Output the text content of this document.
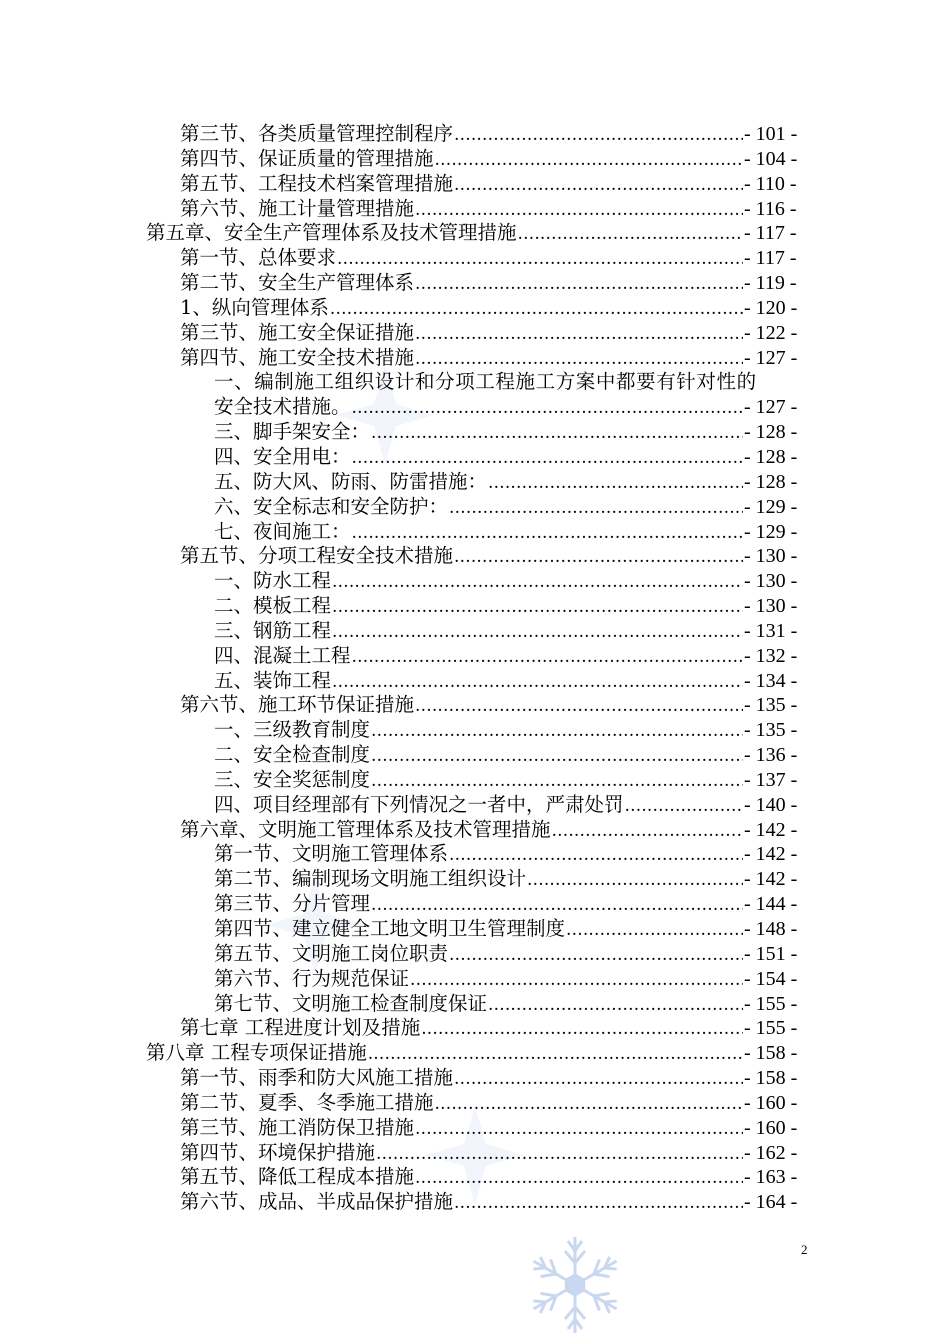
第三节、各类质量管理控制程序 .....	- 101 -
第四节、保证质量的管理措施 .....	- 104 -
第五节、工程技术档案管理措施 .....	- 110 -
第六节、施工计量管理措施 .....	- 116 -
第五章、安全生产管理体系及技术管理措施 .....	- 117 -
第一节、总体要求 .....	- 117 -
第二节、安全生产管理体系 .....	- 119 -
1、纵向管理体系 .....	- 120 -
第三节、施工安全保证措施 .....	- 122 -
第四节、施工安全技术措施 .....	- 127 -
一、编制施工组织设计和分项工程施工方案中都要有针对性的
安全技术措施。 .....	- 127 -
三、脚手架安全： .....	- 128 -
四、安全用电： .....	- 128 -
五、防大风、防雨、防雷措施： .....	- 128 -
六、安全标志和安全防护： .....	- 129 -
七、夜间施工： .....	- 129 -
第五节、分项工程安全技术措施 .....	- 130 -
一、防水工程 .....	- 130 -
二、模板工程 .....	- 130 -
三、钢筋工程 .....	- 131 -
四、混凝土工程 .....	- 132 -
五、装饰工程 .....	- 134 -
第六节、施工环节保证措施 .....	- 135 -
一、三级教育制度 .....	- 135 -
二、安全检查制度 .....	- 136 -
三、安全奖惩制度 .....	- 137 -
四、项目经理部有下列情况之一者中，严肃处罚 .....	- 140 -
第六章、文明施工管理体系及技术管理措施 .....	- 142 -
第一节、文明施工管理体系 .....	- 142 -
第二节、编制现场文明施工组织设计 .....	- 142 -
第三节、分片管理 .....	- 144 -
第四节、建立健全工地文明卫生管理制度 .....	- 148 -
第五节、文明施工岗位职责 .....	- 151 -
第六节、行为规范保证 .....	- 154 -
第七节、文明施工检查制度保证 .....	- 155 -
第七章 工程进度计划及措施 .....	- 155 -
第八章 工程专项保证措施 .....	- 158 -
第一节、雨季和防大风施工措施 .....	- 158 -
第二节、夏季、冬季施工措施 .....	- 160 -
第三节、施工消防保卫措施 .....	- 160 -
第四节、环境保护措施 .....	- 162 -
第五节、降低工程成本措施 .....	- 163 -
第六节、成品、半成品保护措施 .....	- 164 -
2
